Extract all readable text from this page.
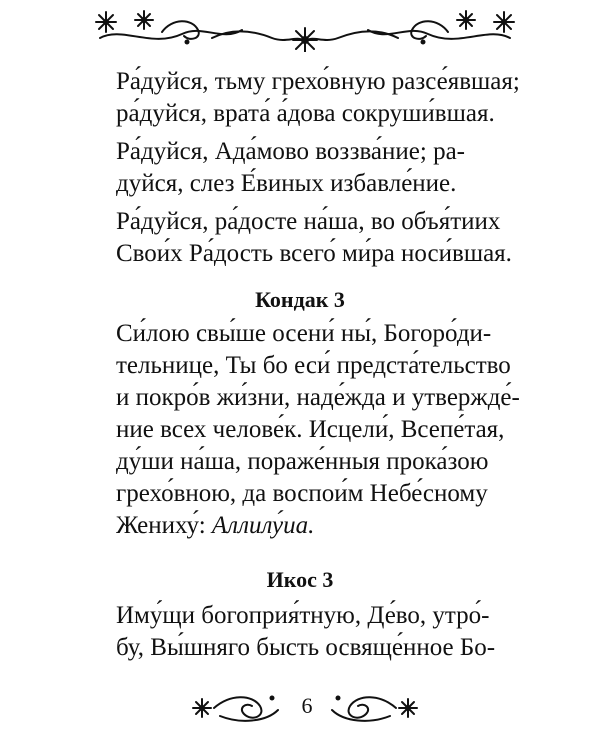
Ра́дуйся, тьму грехо́вную разсе́явшая;
ра́дуйся, врата́ а́дова сокруши́вшая.
Ра́дуйся, Ада́мово воззва́ние; ра-
дуйся, слез Е́виных избавле́ние.
Ра́дуйся, ра́досте на́ша, во объя́тиих
Свои́х Ра́дость всего́ ми́ра носи́вшая.
Кондак 3
Си́лою свы́ше осени́ ны́, Богоро́ди-
тельнице, Ты бо еси́ предста́тельство
и покро́в жи́зни, наде́жда и утвержде́-
ние всех челове́к. Исцели́, Всепе́тая,
ду́ши на́ша, пораже́нныя прока́зою
грехо́вною, да воспои́м Небе́сному
Жениху́: Аллилу́иа.
Икос 3
Иму́щи богоприя́тную, Де́во, утро́-
бу, Вы́шняго бысть освяще́нное Бо-
6
